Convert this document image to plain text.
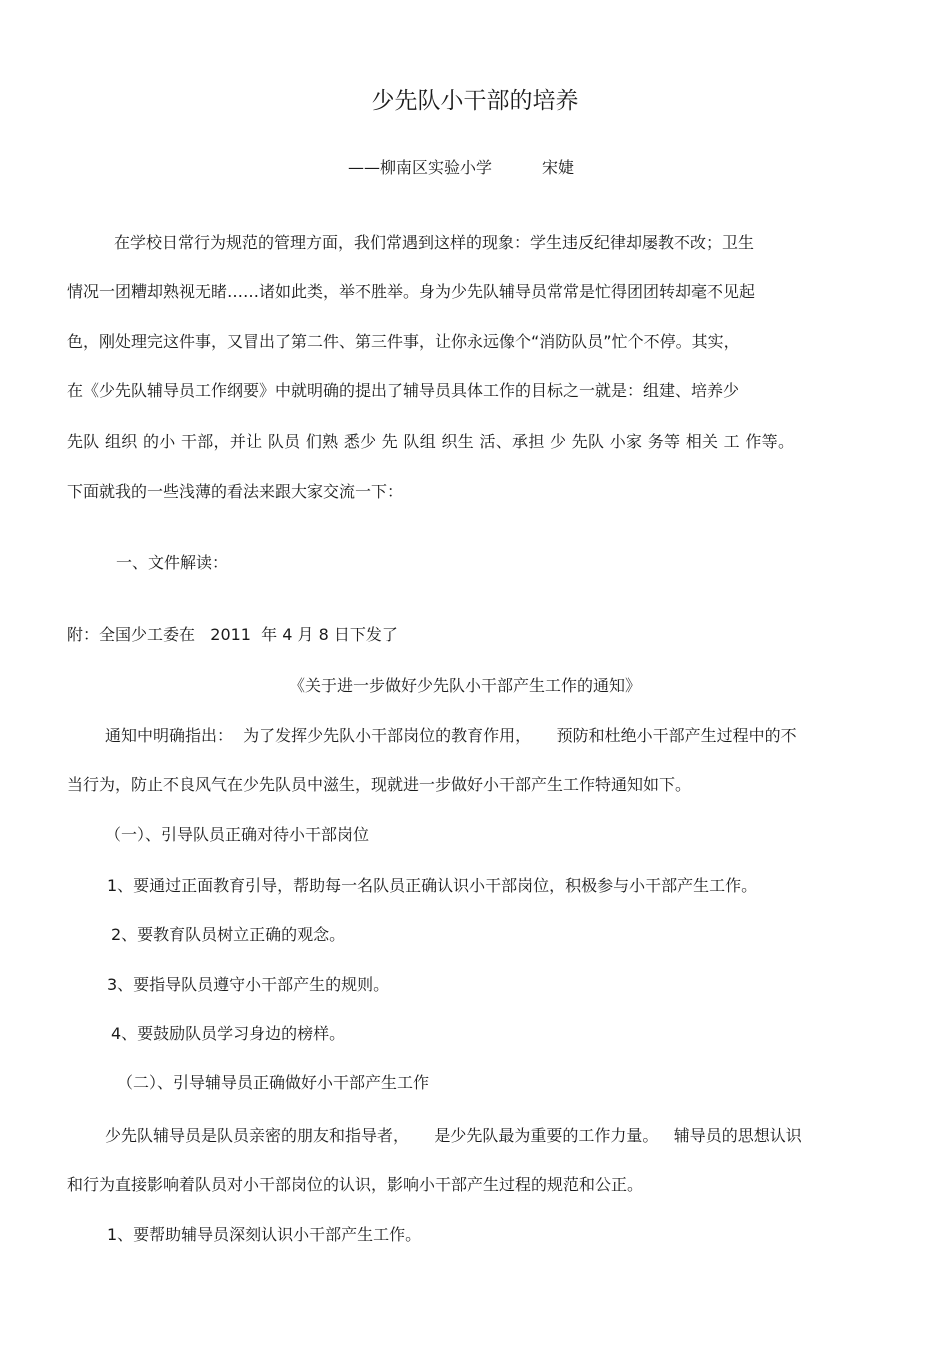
少先队小干部的培养
——柳南区实验小学	宋婕
在学校日常行为规范的管理方面，我们常遇到这样的现象：学生违反纪律却屡教不改；卫生
情况一团糟却熟视无睹……诸如此类，举不胜举。身为少先队辅导员常常是忙得团团转却毫不见起
色，刚处理完这件事，又冒出了第二件、第三件事，让你永远像个“消防队员”忙个不停。其实，
在《少先队辅导员工作纲要》中就明确的提出了辅导员具体工作的目标之一就是：组建、培养少
先队 组织 的小 干部，并让 队员 们熟 悉少 先 队组 织生 活、承担 少 先队 小家 务等 相关 工 作等。
下面就我的一些浅薄的看法来跟大家交流一下：
一、文件解读：
附：全国少工委在   2011  年 4 月 8 日下发了
《关于进一步做好少先队小干部产生工作的通知》
通知中明确指出：  为了发挥少先队小干部岗位的教育作用，     预防和杜绝小干部产生过程中的不
当行为，防止不良风气在少先队员中滋生，现就进一步做好小干部产生工作特通知如下。
（一）、引导队员正确对待小干部岗位
1、要通过正面教育引导，帮助每一名队员正确认识小干部岗位，积极参与小干部产生工作。
2、要教育队员树立正确的观念。
3、要指导队员遵守小干部产生的规则。
4、要鼓励队员学习身边的榜样。
（二）、引导辅导员正确做好小干部产生工作
少先队辅导员是队员亲密的朋友和指导者，     是少先队最为重要的工作力量。   辅导员的思想认识
和行为直接影响着队员对小干部岗位的认识，影响小干部产生过程的规范和公正。
1、要帮助辅导员深刻认识小干部产生工作。
